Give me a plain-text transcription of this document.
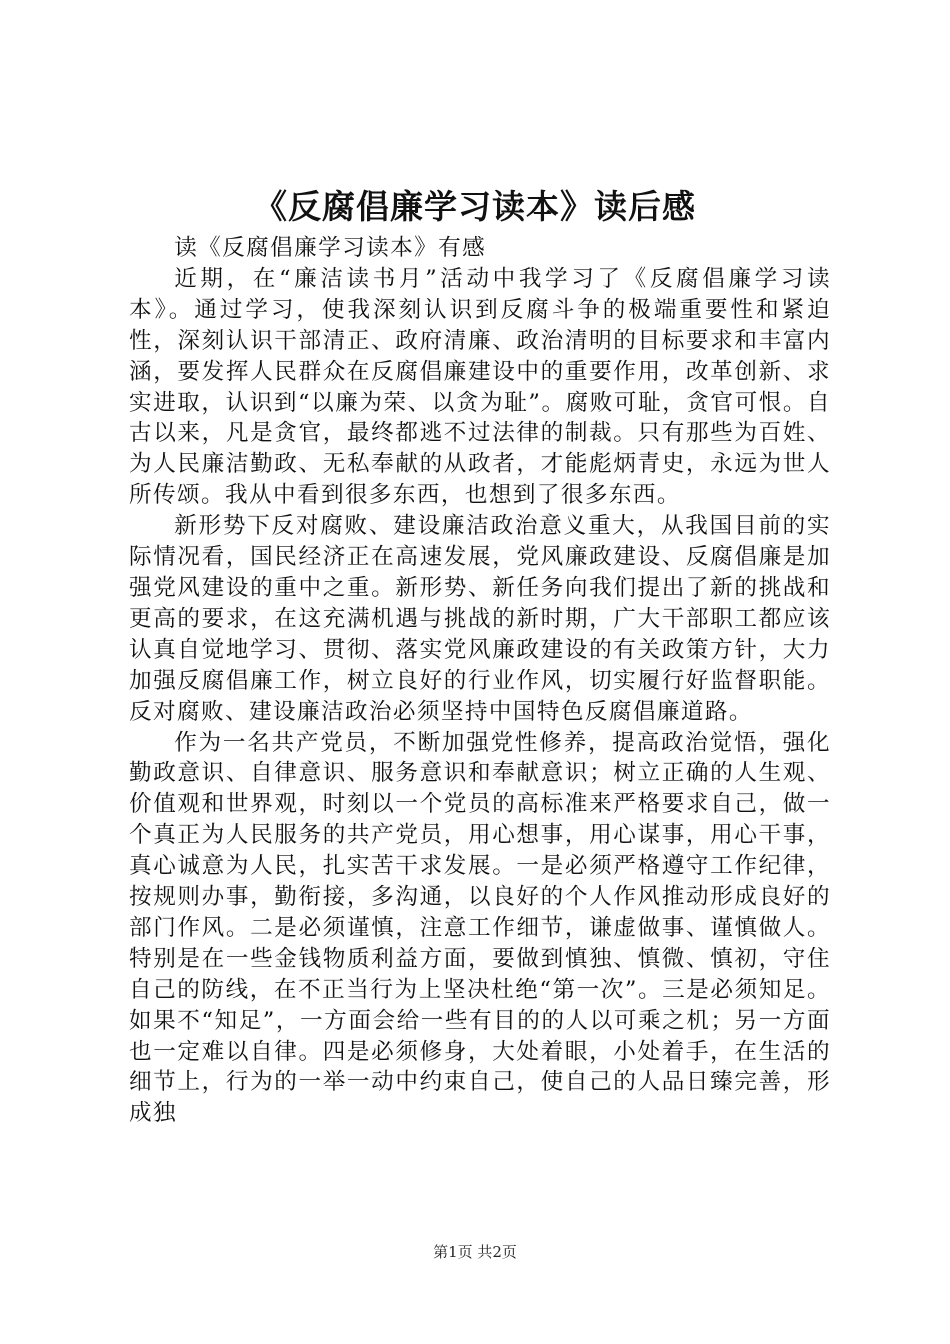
《反腐倡廉学习读本》读后感

读《反腐倡廉学习读本》有感

近期，在“廉洁读书月”活动中我学习了《反腐倡廉学习读本》。通过学习，使我深刻认识到反腐斗争的极端重要性和紧迫性，深刻认识干部清正、政府清廉、政治清明的目标要求和丰富内涵，要发挥人民群众在反腐倡廉建设中的重要作用，改革创新、求实进取，认识到“以廉为荣、以贪为耻”。腐败可耻，贪官可恨。自古以来，凡是贪官，最终都逃不过法律的制裁。只有那些为百姓、为人民廉洁勤政、无私奉献的从政者，才能彪炳青史，永远为世人所传颂。我从中看到很多东西，也想到了很多东西。

新形势下反对腐败、建设廉洁政治意义重大，从我国目前的实际情况看，国民经济正在高速发展，党风廉政建设、反腐倡廉是加强党风建设的重中之重。新形势、新任务向我们提出了新的挑战和更高的要求，在这充满机遇与挑战的新时期，广大干部职工都应该认真自觉地学习、贯彻、落实党风廉政建设的有关政策方针，大力加强反腐倡廉工作，树立良好的行业作风，切实履行好监督职能。反对腐败、建设廉洁政治必须坚持中国特色反腐倡廉道路。

作为一名共产党员，不断加强党性修养，提高政治觉悟，强化勤政意识、自律意识、服务意识和奉献意识；树立正确的人生观、价值观和世界观，时刻以一个党员的高标准来严格要求自己，做一个真正为人民服务的共产党员，用心想事，用心谋事，用心干事，真心诚意为人民，扎实苦干求发展。一是必须严格遵守工作纪律，按规则办事，勤衔接，多沟通，以良好的个人作风推动形成良好的部门作风。二是必须谨慎，注意工作细节，谦虚做事、谨慎做人。特别是在一些金钱物质利益方面，要做到慎独、慎微、慎初，守住自己的防线，在不正当行为上坚决杜绝“第一次”。三是必须知足。如果不“知足”，一方面会给一些有目的的人以可乘之机；另一方面也一定难以自律。四是必须修身，大处着眼，小处着手，在生活的细节上，行为的一举一动中约束自己，使自己的人品日臻完善，形成独

第1页 共2页
